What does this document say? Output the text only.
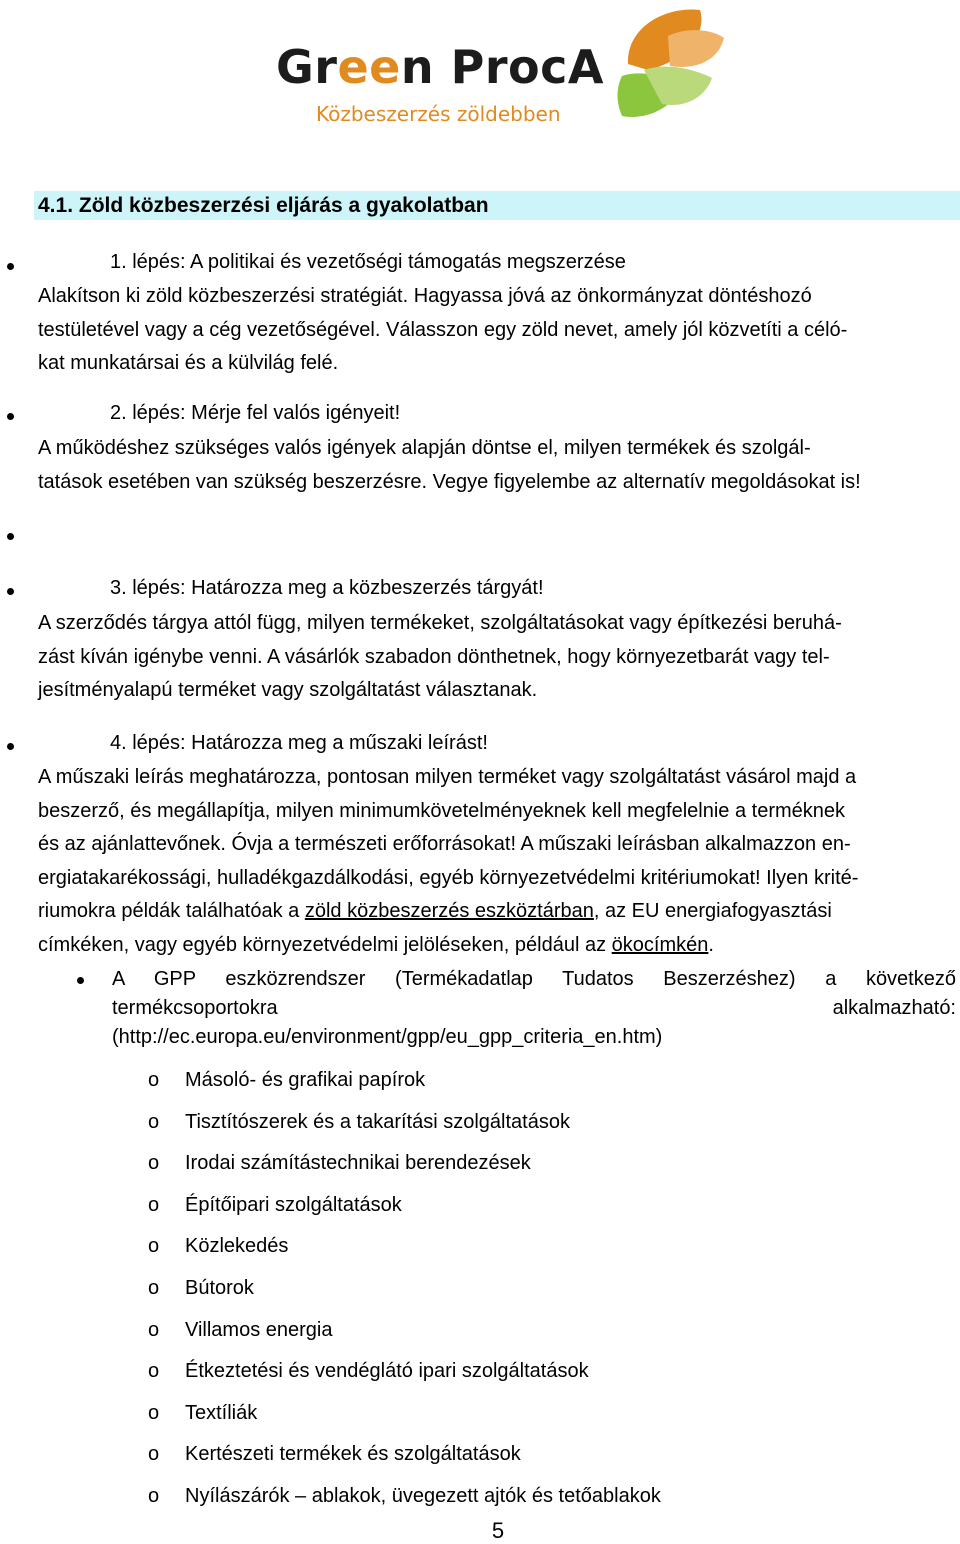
Green ProcA
Közbeszerzés zöldebben
4.1. Zöld közbeszerzési eljárás a gyakolatban
1. lépés: A politikai és vezetőségi támogatás megszerzése
Alakítson ki zöld közbeszerzési stratégiát. Hagyassa jóvá az önkormányzat döntéshozó
testületével vagy a cég vezetőségével. Válasszon egy zöld nevet, amely jól közvetíti a céló-
kat munkatársai és a külvilág felé.
2. lépés: Mérje fel valós igényeit!
A működéshez szükséges valós igények alapján döntse el, milyen termékek és szolgál-
tatások esetében van szükség beszerzésre. Vegye figyelembe az alternatív megoldásokat is!
3. lépés: Határozza meg a közbeszerzés tárgyát!
A szerződés tárgya attól függ, milyen termékeket, szolgáltatásokat vagy építkezési beruhá-
zást kíván igénybe venni. A vásárlók szabadon dönthetnek, hogy környezetbarát vagy tel-
jesítményalapú terméket vagy szolgáltatást választanak.
4. lépés: Határozza meg a műszaki leírást!
A műszaki leírás meghatározza, pontosan milyen terméket vagy szolgáltatást vásárol majd a
beszerző, és megállapítja, milyen minimumkövetelményeknek kell megfelelnie a terméknek
és az ajánlattevőnek. Óvja a természeti erőforrásokat! A műszaki leírásban alkalmazzon en-
ergiatakarékossági, hulladékgazdálkodási, egyéb környezetvédelmi kritériumokat! Ilyen krité-
riumokra példák találhatóak a zöld közbeszerzés eszköztárban, az EU energiafogyasztási
címkéken, vagy egyéb környezetvédelmi jelöléseken, például az ökocímkén.
A GPP eszközrendszer (Termékadatlap Tudatos Beszerzéshez) a következő
termékcsoportokra alkalmazható:
(http://ec.europa.eu/environment/gpp/eu_gpp_criteria_en.htm)
o Másoló- és grafikai papírok
o Tisztítószerek és a takarítási szolgáltatások
o Irodai számítástechnikai berendezések
o Építőipari szolgáltatások
o Közlekedés
o Bútorok
o Villamos energia
o Étkeztetési és vendéglátó ipari szolgáltatások
o Textíliák
o Kertészeti termékek és szolgáltatások
o Nyílászárók – ablakok, üvegezett ajtók és tetőablakok
5
